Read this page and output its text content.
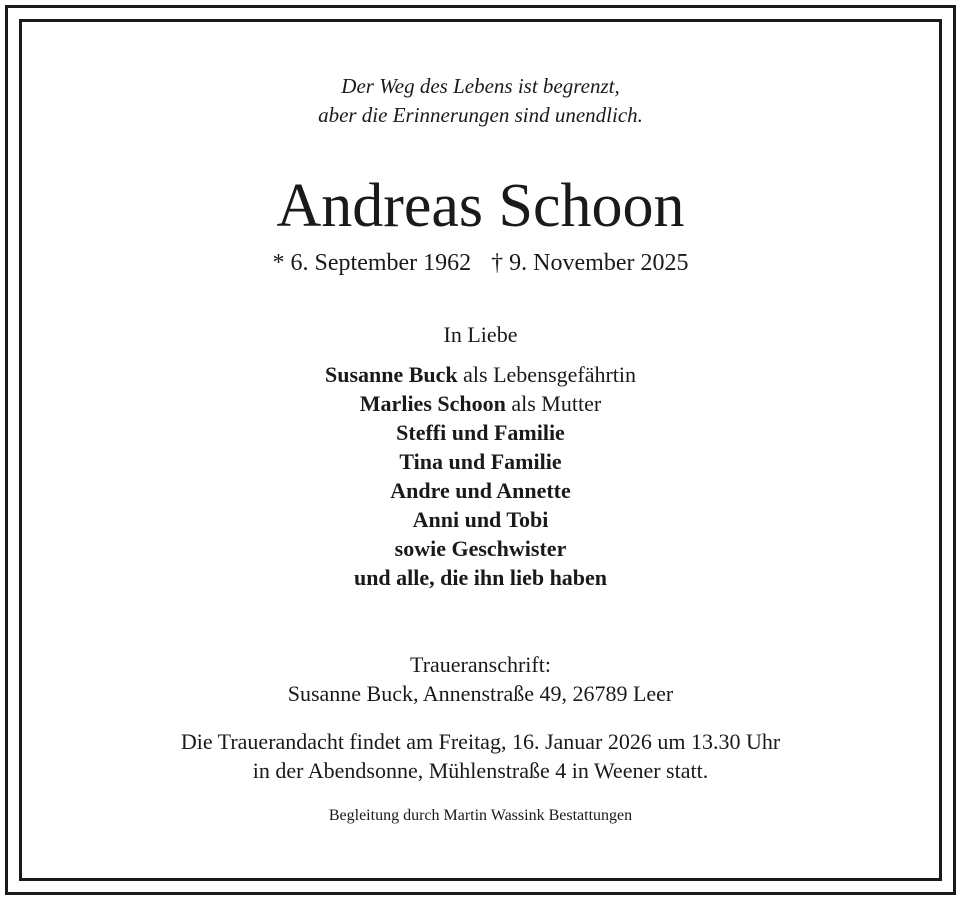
Der Weg des Lebens ist begrenzt,
aber die Erinnerungen sind unendlich.
Andreas Schoon
* 6. September 1962 † 9. November 2025
In Liebe
Susanne Buck als Lebensgefährtin
Marlies Schoon als Mutter
Steffi und Familie
Tina und Familie
Andre und Annette
Anni und Tobi
sowie Geschwister
und alle, die ihn lieb haben
Traueranschrift:
Susanne Buck, Annenstraße 49, 26789 Leer
Die Trauerandacht findet am Freitag, 16. Januar 2026 um 13.30 Uhr
in der Abendsonne, Mühlenstraße 4 in Weener statt.
Begleitung durch Martin Wassink Bestattungen
